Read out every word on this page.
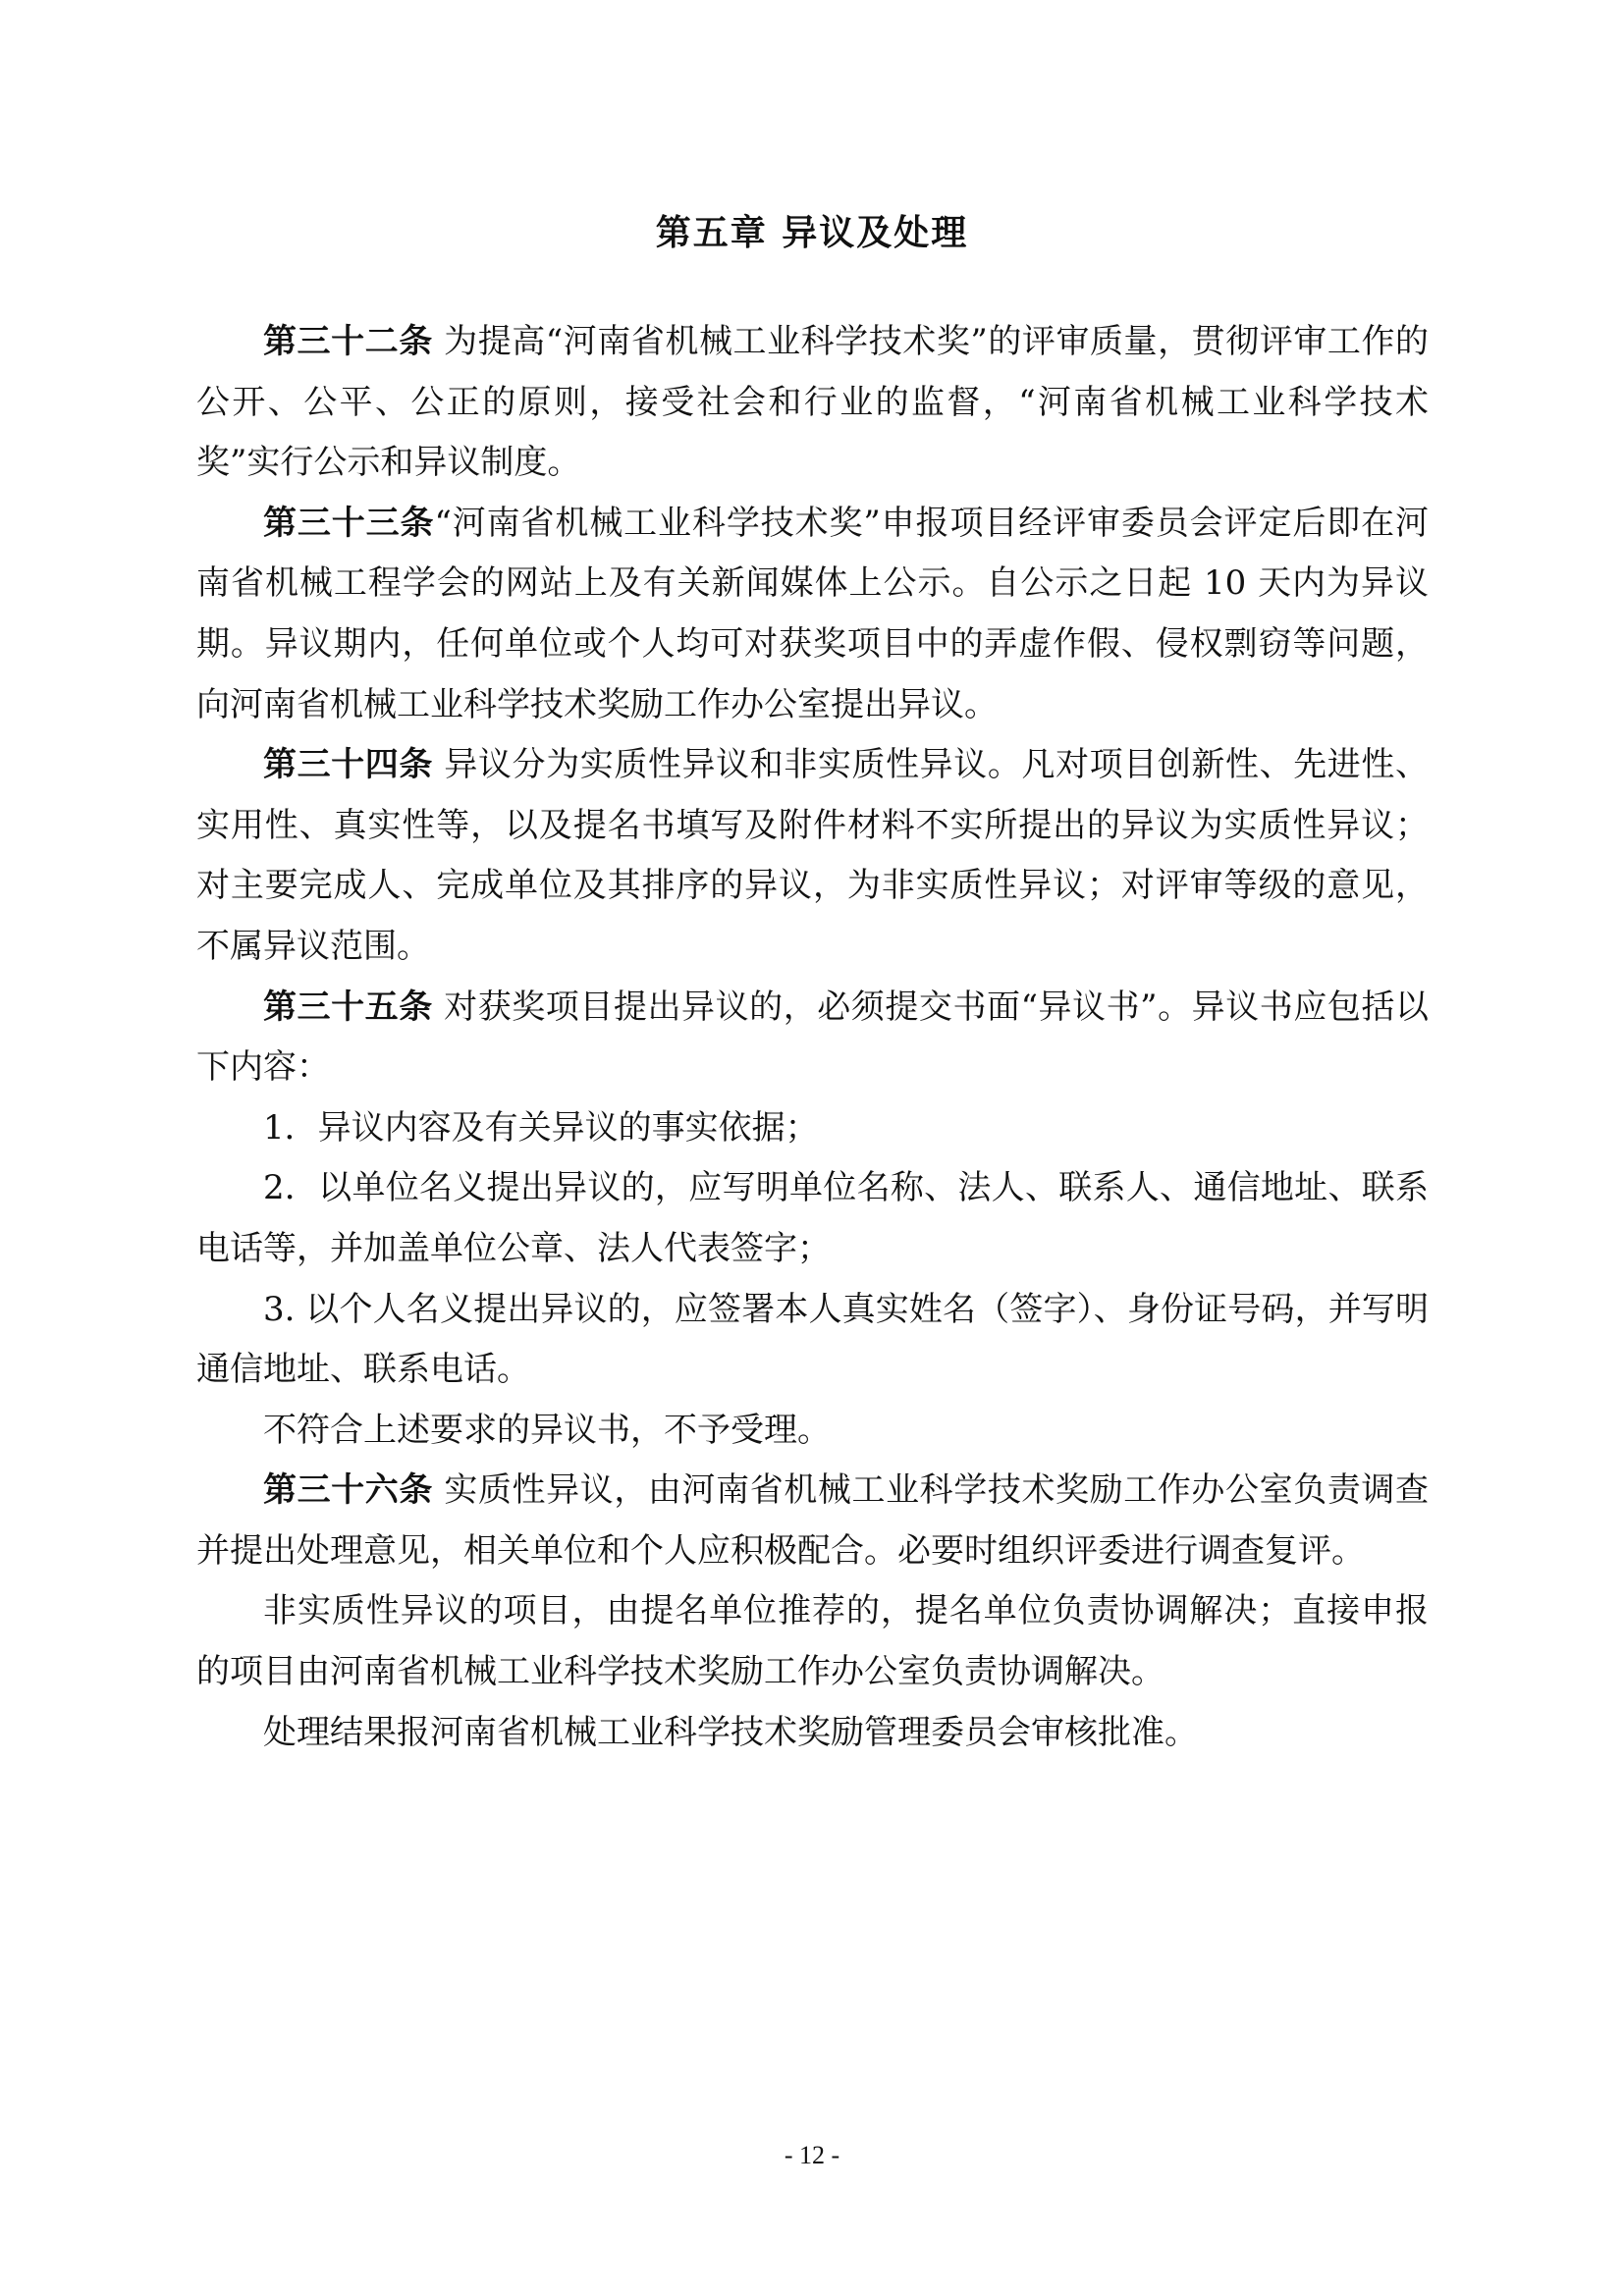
第五章 异议及处理

第三十二条 为提高“河南省机械工业科学技术奖”的评审质量，贯彻评审工作的公开、公平、公正的原则，接受社会和行业的监督，“河南省机械工业科学技术奖”实行公示和异议制度。

第三十三条“河南省机械工业科学技术奖”申报项目经评审委员会评定后即在河南省机械工程学会的网站上及有关新闻媒体上公示。自公示之日起 10 天内为异议期。异议期内，任何单位或个人均可对获奖项目中的弄虚作假、侵权剽窃等问题，向河南省机械工业科学技术奖励工作办公室提出异议。

第三十四条 异议分为实质性异议和非实质性异议。凡对项目创新性、先进性、实用性、真实性等，以及提名书填写及附件材料不实所提出的异议为实质性异议；对主要完成人、完成单位及其排序的异议，为非实质性异议；对评审等级的意见，不属异议范围。

第三十五条 对获奖项目提出异议的，必须提交书面“异议书”。异议书应包括以下内容：

1．异议内容及有关异议的事实依据；

2．以单位名义提出异议的，应写明单位名称、法人、联系人、通信地址、联系电话等，并加盖单位公章、法人代表签字；

3. 以个人名义提出异议的，应签署本人真实姓名（签字）、身份证号码，并写明通信地址、联系电话。

不符合上述要求的异议书，不予受理。

第三十六条 实质性异议，由河南省机械工业科学技术奖励工作办公室负责调查并提出处理意见，相关单位和个人应积极配合。必要时组织评委进行调查复评。

非实质性异议的项目，由提名单位推荐的，提名单位负责协调解决；直接申报的项目由河南省机械工业科学技术奖励工作办公室负责协调解决。

处理结果报河南省机械工业科学技术奖励管理委员会审核批准。

- 12 -
